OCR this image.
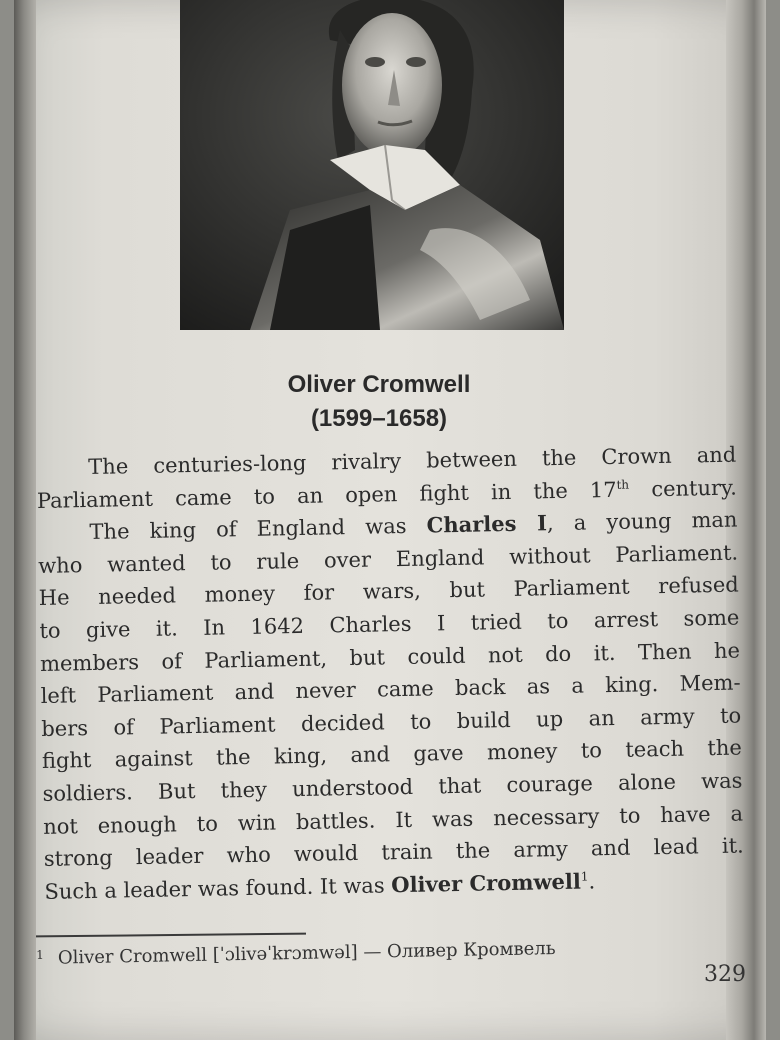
Oliver Cromwell
(1599–1658)
The centuries-long rivalry between the Crown and
Parliament came to an open fight in the 17th century.
The king of England was Charles I, a young man
who wanted to rule over England without Parliament.
He needed money for wars, but Parliament refused
to give it. In 1642 Charles I tried to arrest some
members of Parliament, but could not do it. Then he
left Parliament and never came back as a king. Mem-
bers of Parliament decided to build up an army to
fight against the king, and gave money to teach the
soldiers. But they understood that courage alone was
not enough to win battles. It was necessary to have a
strong leader who would train the army and lead it.
Such a leader was found. It was Oliver Cromwell$^1$.
$^1$ Oliver Cromwell [ˈɔlivəˈkrɔmwəl] — Оливер Кромвель
329
